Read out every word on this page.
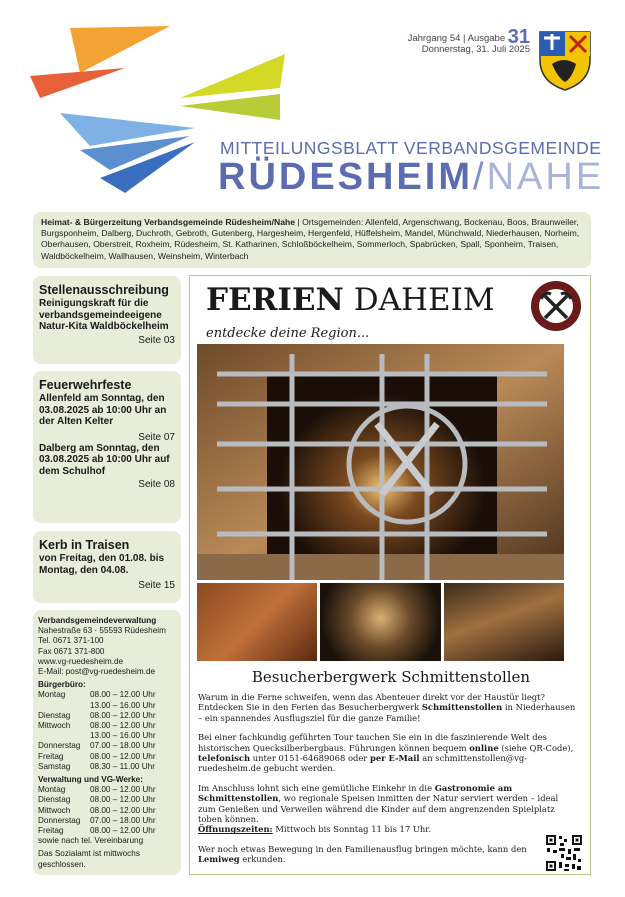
Jahrgang 54 | Ausgabe 31
Donnerstag, 31. Juli 2025
MITTEILUNGSBLATT VERBANDSGEMEINDE
RÜDESHEIM/NAHE
Heimat- & Bürgerzeitung Verbandsgemeinde Rüdesheim/Nahe | Ortsgemeinden: Allenfeld, Argenschwang, Bockenau, Boos, Braunweiler, Burgsponheim, Dalberg, Duchroth, Gebroth, Gutenberg, Hargesheim, Hergenfeld, Hüffelsheim, Mandel, Münchwald, Niederhausen, Norheim, Oberhausen, Oberstreit, Roxheim, Rüdesheim, St. Katharinen, Schloßböckelheim, Sommerloch, Spabrücken, Spall, Sponheim, Traisen, Waldböckelheim, Wallhausen, Weinsheim, Winterbach
Stellenausschreibung
Reinigungskraft für die verbandsgemeindeeigene Natur-Kita Waldböckelheim
Seite 03
Feuerwehrfeste
Allenfeld am Sonntag, den 03.08.2025 ab 10:00 Uhr an der Alten Kelter
Seite 07
Dalberg am Sonntag, den 03.08.2025 ab 10:00 Uhr auf dem Schulhof
Seite 08
Kerb in Traisen
von Freitag, den 01.08. bis Montag, den 04.08.
Seite 15
Verbandsgemeindeverwaltung
Nahestraße 63 · 55593 Rüdesheim
Tel. 0671 371-100
Fax 0671 371-800
www.vg-ruedesheim.de
E-Mail: post@vg-ruedesheim.de
Bürgerbüro:
Montag	08.00 – 12.00 Uhr
13.00 – 16.00 Uhr
Dienstag	08.00 – 12.00 Uhr
Mittwoch	08.00 – 12.00 Uhr
13.00 – 16.00 Uhr
Donnerstag	07.00 – 18.00 Uhr
Freitag	08.00 – 12.00 Uhr
Samstag	08.30 – 11.00 Uhr
Verwaltung und VG-Werke:
Montag	08.00 – 12.00 Uhr
Dienstag	08.00 – 12.00 Uhr
Mittwoch	08.00 – 12.00 Uhr
Donnerstag	07.00 – 18.00 Uhr
Freitag	08.00 – 12.00 Uhr
sowie nach tel. Vereinbarung
Das Sozialamt ist mittwochs geschlossen.
FERIEN DAHEIM
entdecke deine Region...
Besucherbergwerk Schmittenstollen

Warum in die Ferne schweifen, wenn das Abenteuer direkt vor der Haustür liegt? Entdecken Sie in den Ferien das Besucherbergwerk Schmittenstollen in Niederhausen – ein spannendes Ausflugsziel für die ganze Familie!

Bei einer fachkundig geführten Tour tauchen Sie ein in die faszinierende Welt des historischen Quecksilberbergbaus. Führungen können bequem online (siehe QR-Code), telefonisch unter 0151-64689068 oder per E-Mail an schmittenstollen@vg-ruedesheim.de gebucht werden.

Im Anschluss lohnt sich eine gemütliche Einkehr in die Gastronomie am Schmittenstollen, wo regionale Speisen inmitten der Natur serviert werden – ideal zum Genießen und Verweilen während die Kinder auf dem angrenzenden Spielplatz toben können.
Öffnungszeiten: Mittwoch bis Sonntag 11 bis 17 Uhr.

Wer noch etwas Bewegung in den Familienausflug bringen möchte, kann den Lemiweg erkunden.
